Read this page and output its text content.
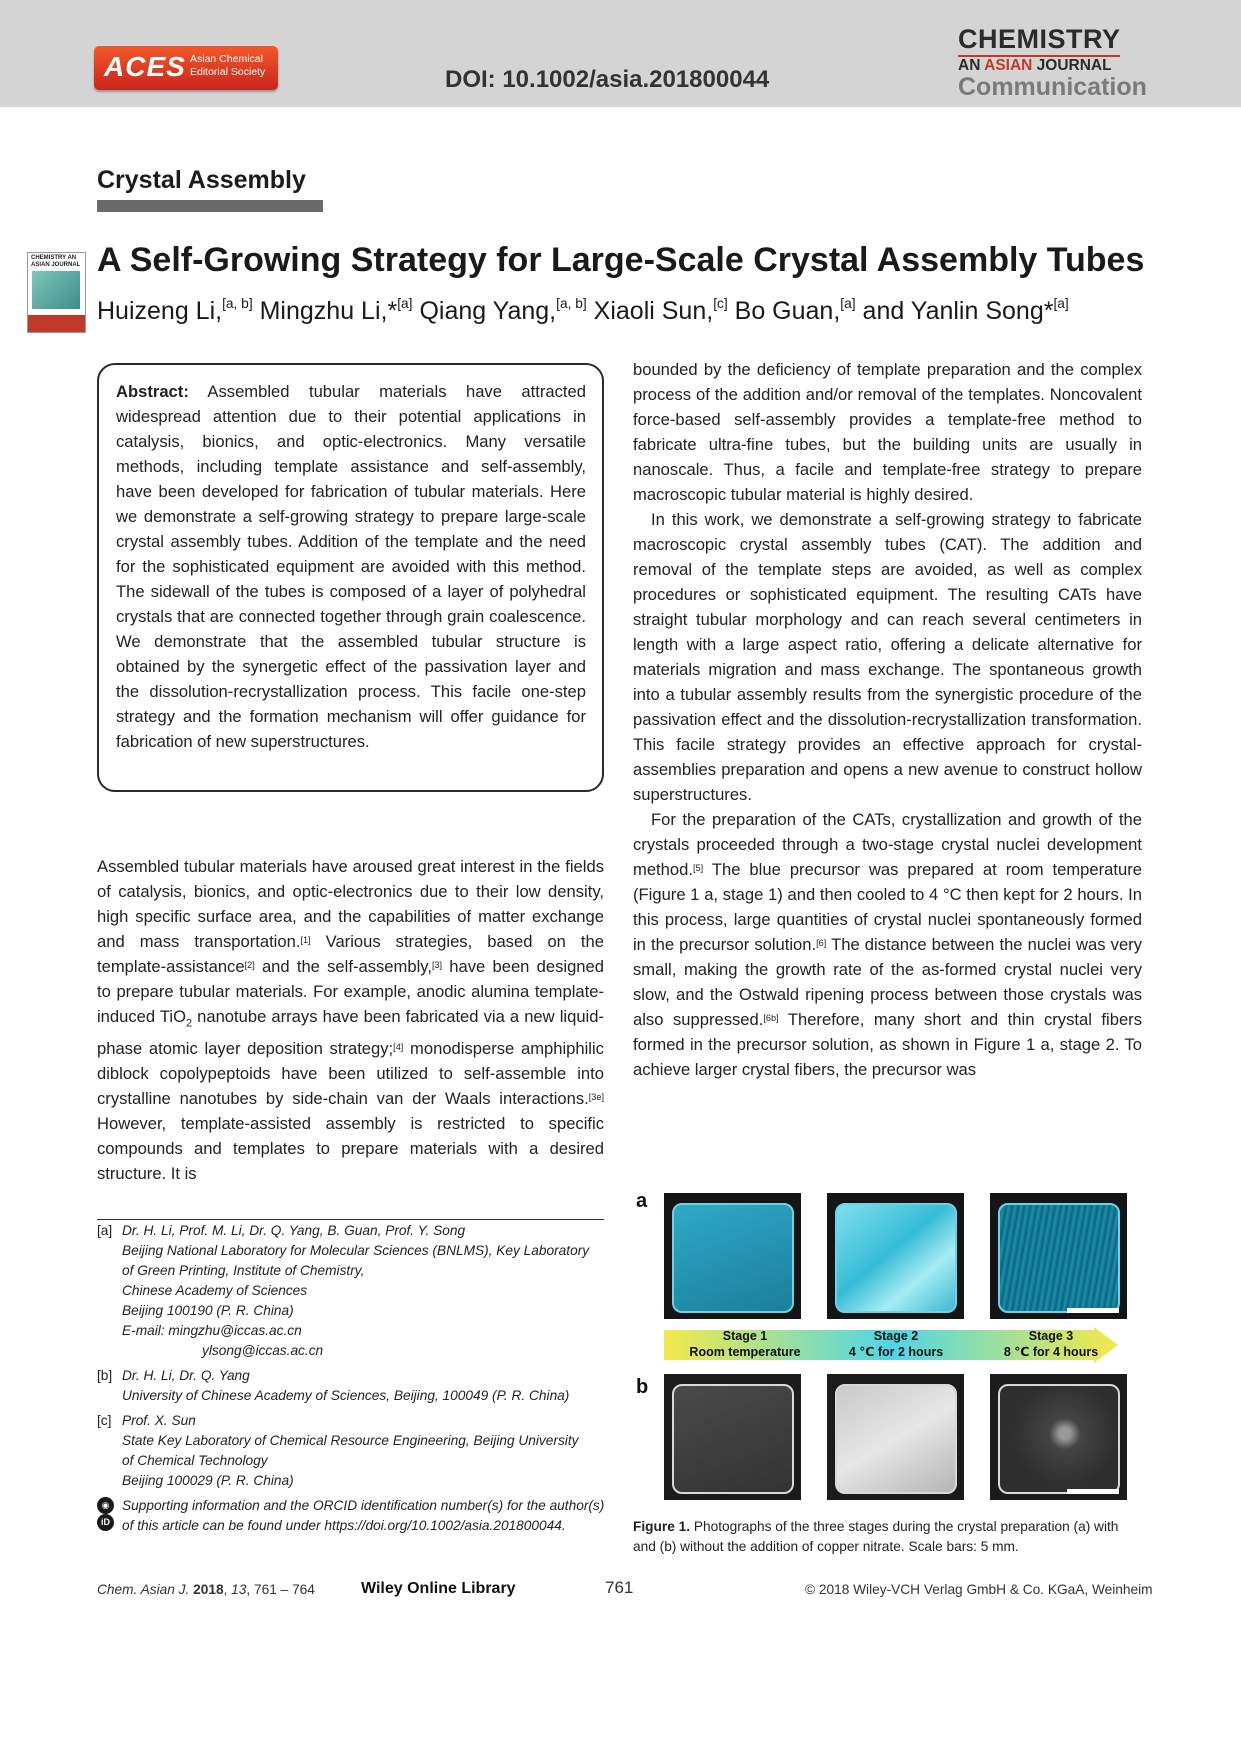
ACES Asian Chemical
Editorial Society	DOI: 10.1002/asia.201800044
CHEMISTRY
AN ASIAN JOURNAL
Communication
Crystal Assembly
CHEMISTRY AN ASIAN JOURNAL A Self-Growing Strategy for Large-Scale Crystal Assembly Tubes
Huizeng Li,[a, b] Mingzhu Li,*[a] Qiang Yang,[a, b] Xiaoli Sun,[c] Bo Guan,[a] and Yanlin Song*[a]
Abstract: Assembled tubular materials have attracted widespread attention due to their potential applications in catalysis, bionics, and optic-electronics. Many versatile methods, including template assistance and self-assembly, have been developed for fabrication of tubular materials. Here we demonstrate a self-growing strategy to prepare large-scale crystal assembly tubes. Addition of the template and the need for the sophisticated equipment are avoided with this method. The sidewall of the tubes is composed of a layer of polyhedral crystals that are connected together through grain coalescence. We demonstrate that the assembled tubular structure is obtained by the synergetic effect of the passivation layer and the dissolution-recrystallization process. This facile one-step strategy and the formation mechanism will offer guidance for fabrication of new superstructures.
Assembled tubular materials have aroused great interest in the fields of catalysis, bionics, and optic-electronics due to their low density, high specific surface area, and the capabilities of matter exchange and mass transportation.[1] Various strategies, based on the template-assistance[2] and the self-assembly,[3] have been designed to prepare tubular materials. For example, anodic alumina template-induced TiO$_2$ nanotube arrays have been fabricated via a new liquid-phase atomic layer deposition strategy;[4] monodisperse amphiphilic diblock copolypeptoids have been utilized to self-assemble into crystalline nanotubes by side-chain van der Waals interactions.[3e] However, template-assisted assembly is restricted to specific compounds and templates to prepare materials with a desired structure. It is
bounded by the deficiency of template preparation and the complex process of the addition and/or removal of the templates. Noncovalent force-based self-assembly provides a template-free method to fabricate ultra-fine tubes, but the building units are usually in nanoscale. Thus, a facile and template-free strategy to prepare macroscopic tubular material is highly desired.
In this work, we demonstrate a self-growing strategy to fabricate macroscopic crystal assembly tubes (CAT). The addition and removal of the template steps are avoided, as well as complex procedures or sophisticated equipment. The resulting CATs have straight tubular morphology and can reach several centimeters in length with a large aspect ratio, offering a delicate alternative for materials migration and mass exchange. The spontaneous growth into a tubular assembly results from the synergistic procedure of the passivation effect and the dissolution-recrystallization transformation. This facile strategy provides an effective approach for crystal-assemblies preparation and opens a new avenue to construct hollow superstructures.
For the preparation of the CATs, crystallization and growth of the crystals proceeded through a two-stage crystal nuclei development method.[5] The blue precursor was prepared at room temperature (Figure 1 a, stage 1) and then cooled to 4 °C then kept for 2 hours. In this process, large quantities of crystal nuclei spontaneously formed in the precursor solution.[6] The distance between the nuclei was very small, making the growth rate of the as-formed crystal nuclei very slow, and the Ostwald ripening process between those crystals was also suppressed.[6b] Therefore, many short and thin crystal fibers formed in the precursor solution, as shown in Figure 1 a, stage 2. To achieve larger crystal fibers, the precursor was
[a] Dr. H. Li, Prof. M. Li, Dr. Q. Yang, B. Guan, Prof. Y. Song
Beijing National Laboratory for Molecular Sciences (BNLMS), Key Laboratory
of Green Printing, Institute of Chemistry,
Chinese Academy of Sciences
Beijing 100190 (P. R. China)
E-mail: mingzhu@iccas.ac.cn
ylsong@iccas.ac.cn
[b] Dr. H. Li, Dr. Q. Yang
University of Chinese Academy of Sciences, Beijing, 100049 (P. R. China)
[c] Prof. X. Sun
State Key Laboratory of Chemical Resource Engineering, Beijing University
of Chemical Technology
Beijing 100029 (P. R. China)
◉
iD
Supporting information and the ORCID identification number(s) for the author(s) of this article can be found under https://doi.org/10.1002/asia.201800044.
a
Stage 1
Room temperature
Stage 2
4 ℃ for 2 hours
Stage 3
8 ℃ for 4 hours
b
Figure 1. Photographs of the three stages during the crystal preparation (a) with and (b) without the addition of copper nitrate. Scale bars: 5 mm.
Chem. Asian J. 2018, 13, 761 – 764	Wiley Online Library	761	© 2018 Wiley-VCH Verlag GmbH & Co. KGaA, Weinheim
